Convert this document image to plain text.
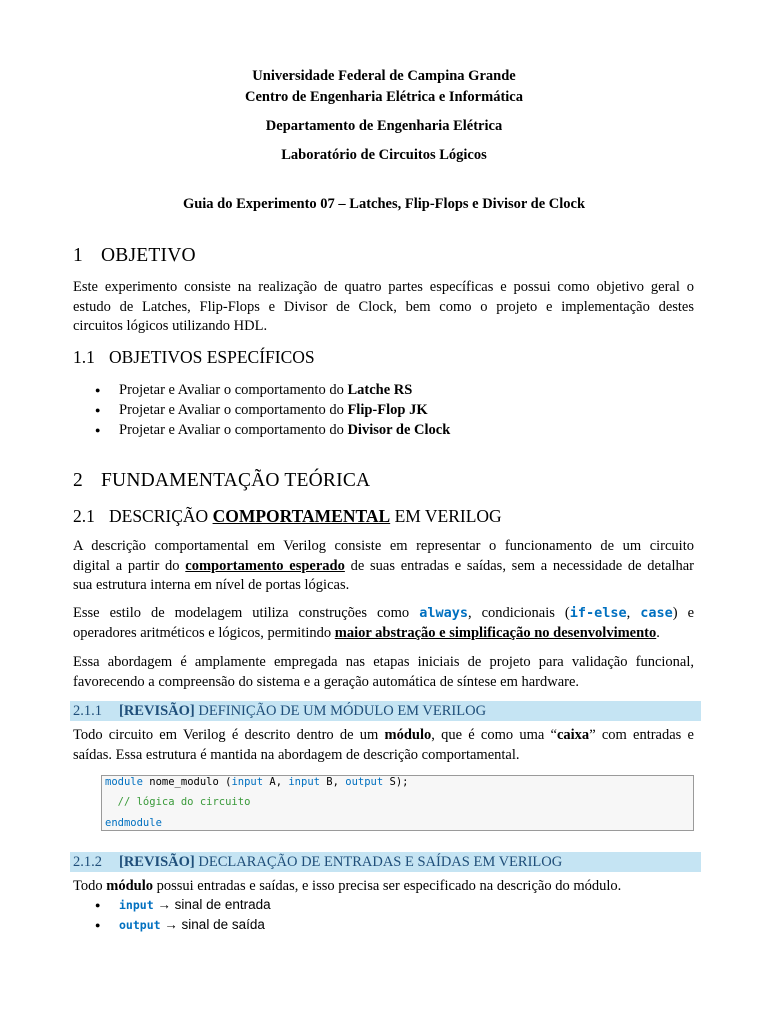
Universidade Federal de Campina Grande
Centro de Engenharia Elétrica e Informática
Departamento de Engenharia Elétrica
Laboratório de Circuitos Lógicos
Guia do Experimento 07 – Latches, Flip-Flops e Divisor de Clock
1 OBJETIVO
Este experimento consiste na realização de quatro partes específicas e possui como objetivo geral o
estudo de Latches, Flip-Flops e Divisor de Clock, bem como o projeto e implementação destes
circuitos lógicos utilizando HDL.
1.1 OBJETIVOS ESPECÍFICOS
● Projetar e Avaliar o comportamento do Latche RS
● Projetar e Avaliar o comportamento do Flip-Flop JK
● Projetar e Avaliar o comportamento do Divisor de Clock
2 FUNDAMENTAÇÃO TEÓRICA
2.1 DESCRIÇÃO COMPORTAMENTAL EM VERILOG
A descrição comportamental em Verilog consiste em representar o funcionamento de um circuito
digital a partir do comportamento esperado de suas entradas e saídas, sem a necessidade de detalhar
sua estrutura interna em nível de portas lógicas.
Esse estilo de modelagem utiliza construções como always, condicionais (if-else, case) e
operadores aritméticos e lógicos, permitindo maior abstração e simplificação no desenvolvimento.
Essa abordagem é amplamente empregada nas etapas iniciais de projeto para validação funcional,
favorecendo a compreensão do sistema e a geração automática de síntese em hardware.
2.1.1 [REVISÃO] DEFINIÇÃO DE UM MÓDULO EM VERILOG
Todo circuito em Verilog é descrito dentro de um módulo, que é como uma “caixa” com entradas e
saídas. Essa estrutura é mantida na abordagem de descrição comportamental.
module nome_modulo (input A, input B, output S);
// lógica do circuito
endmodule
2.1.2 [REVISÃO] DECLARAÇÃO DE ENTRADAS E SAÍDAS EM VERILOG
Todo módulo possui entradas e saídas, e isso precisa ser especificado na descrição do módulo.
● input → sinal de entrada
● output → sinal de saída
